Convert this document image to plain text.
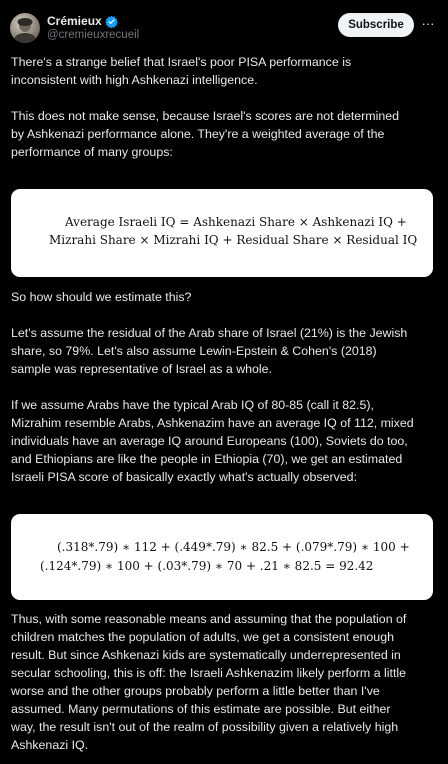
Crémieux
@cremieuxrecueil
Subscribe	···

There's a strange belief that Israel's poor PISA performance is
inconsistent with high Ashkenazi intelligence.

This does not make sense, because Israel's scores are not determined
by Ashkenazi performance alone. They're a weighted average of the
performance of many groups:

Average Israeli IQ = Ashkenazi Share × Ashkenazi IQ +
Mizrahi Share × Mizrahi IQ + Residual Share × Residual IQ

So how should we estimate this?

Let's assume the residual of the Arab share of Israel (21%) is the Jewish
share, so 79%. Let's also assume Lewin-Epstein & Cohen's (2018)
sample was representative of Israel as a whole.

If we assume Arabs have the typical Arab IQ of 80-85 (call it 82.5),
Mizrahim resemble Arabs, Ashkenazim have an average IQ of 112, mixed
individuals have an average IQ around Europeans (100), Soviets do too,
and Ethiopians are like the people in Ethiopia (70), we get an estimated
Israeli PISA score of basically exactly what's actually observed:

(.318*.79) ∗ 112 + (.449*.79) ∗ 82.5 + (.079*.79) ∗ 100 +
(.124*.79) ∗ 100 + (.03*.79) ∗ 70 + .21 ∗ 82.5 = 92.42

Thus, with some reasonable means and assuming that the population of
children matches the population of adults, we get a consistent enough
result. But since Ashkenazi kids are systematically underrepresented in
secular schooling, this is off: the Israeli Ashkenazim likely perform a little
worse and the other groups probably perform a little better than I've
assumed. Many permutations of this estimate are possible. But either
way, the result isn't out of the realm of possibility given a relatively high
Ashkenazi IQ.
